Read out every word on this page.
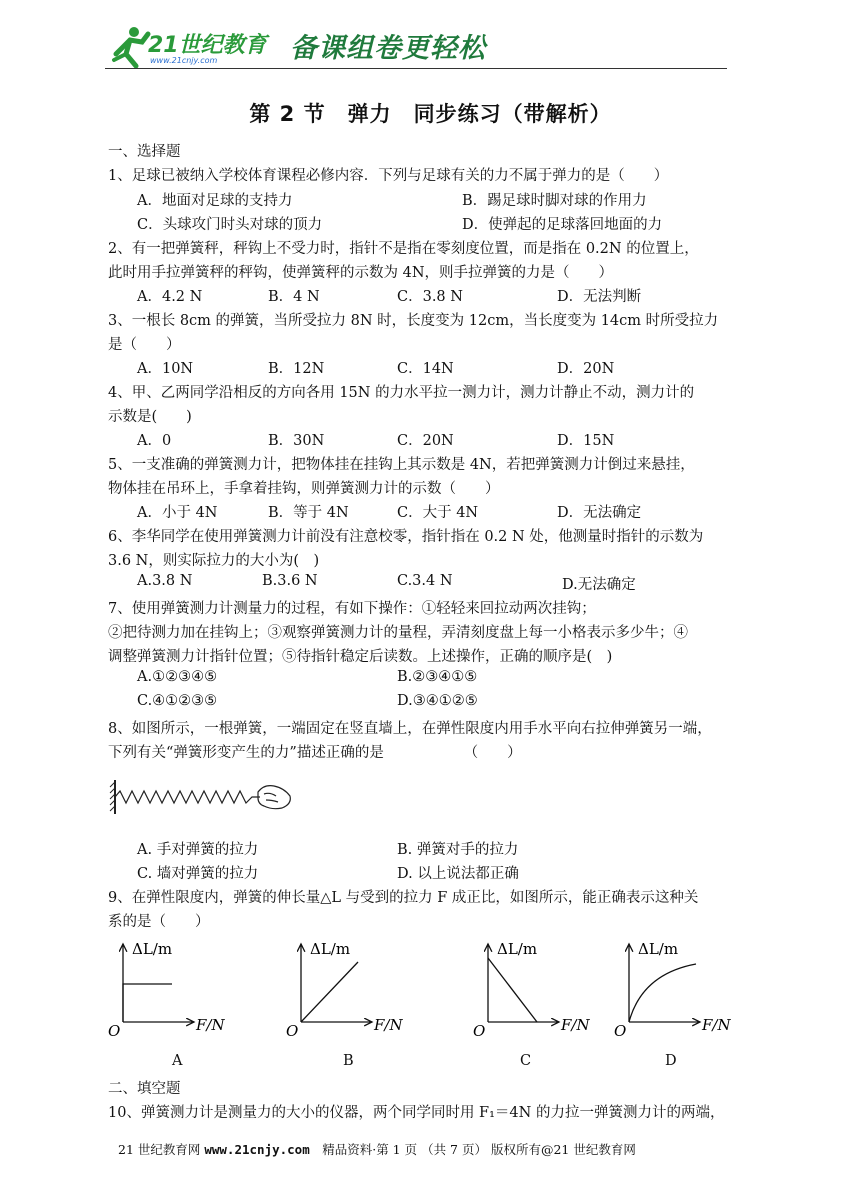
21世纪教育
www.21cnjy.com	备课组卷更轻松
第 2 节　弹力　同步练习（带解析）
一、选择题
1、足球已被纳入学校体育课程必修内容．下列与足球有关的力不属于弹力的是（　　）
A．地面对足球的支持力	B．踢足球时脚对球的作用力
C．头球攻门时头对球的顶力	D．使弹起的足球落回地面的力
2、有一把弹簧秤，秤钩上不受力时，指针不是指在零刻度位置，而是指在 0.2N 的位置上，
此时用手拉弹簧秤的秤钩，使弹簧秤的示数为 4N，则手拉弹簧的力是（　　）
A．4.2 N	B．4 N	C．3.8 N	D．无法判断
3、一根长 8cm 的弹簧，当所受拉力 8N 时，长度变为 12cm，当长度变为 14cm 时所受拉力
是（　　）
A．10N	B．12N	C．14N	D．20N
4、甲、乙两同学沿相反的方向各用 15N 的力水平拉一测力计，测力计静止不动，测力计的
示数是(　　)
A．0	B．30N	C．20N	D．15N
5、一支准确的弹簧测力计，把物体挂在挂钩上其示数是 4N，若把弹簧测力计倒过来悬挂，
物体挂在吊环上，手拿着挂钩，则弹簧测力计的示数（　　）
A．小于 4N	B．等于 4N	C．大于 4N	D．无法确定
6、李华同学在使用弹簧测力计前没有注意校零，指针指在 0.2 N 处，他测量时指针的示数为
3.6 N，则实际拉力的大小为(　)
A.3.8 N	B.3.6 N	C.3.4 N	D.无法确定
7、使用弹簧测力计测量力的过程，有如下操作：①轻轻来回拉动两次挂钩；
②把待测力加在挂钩上；③观察弹簧测力计的量程，弄清刻度盘上每一小格表示多少牛；④
调整弹簧测力计指针位置；⑤待指针稳定后读数。上述操作，正确的顺序是(　)
A.①②③④⑤	B.②③④①⑤
C.④①②③⑤	D.③④①②⑤
8、如图所示，一根弹簧，一端固定在竖直墙上，在弹性限度内用手水平向右拉伸弹簧另一端，
下列有关“弹簧形变产生的力”描述正确的是　　　　　　（　　）
A. 手对弹簧的拉力	B. 弹簧对手的拉力
C. 墙对弹簧的拉力	D. 以上说法都正确
9、在弹性限度内，弹簧的伸长量△L 与受到的拉力 F 成正比，如图所示，能正确表示这种关
系的是（　　）
ΔL/m
F/N
O
ΔL/m
F/N
O
ΔL/m
F/N
O
ΔL/m
F/N
O
A	B	C	D
二、填空题
10、弹簧测力计是测量力的大小的仪器，两个同学同时用 F₁＝4N 的力拉一弹簧测力计的两端，
21 世纪教育网 www.21cnjy.com　精品资料·第 1 页 （共 7 页） 版权所有@21 世纪教育网
